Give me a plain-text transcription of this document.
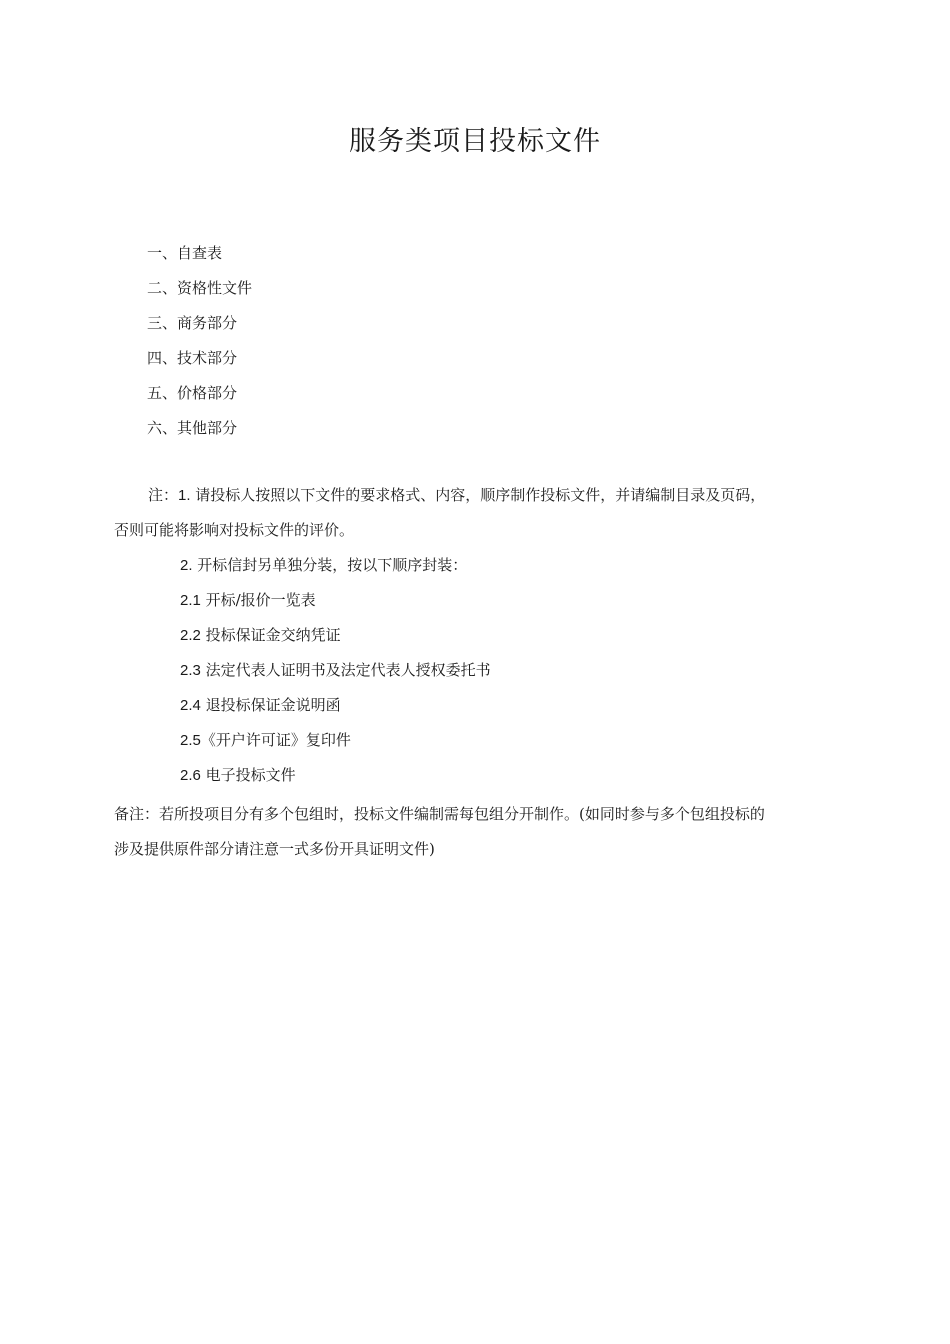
服务类项目投标文件
一、自查表
二、资格性文件
三、商务部分
四、技术部分
五、价格部分
六、其他部分
注：1. 请投标人按照以下文件的要求格式、内容，顺序制作投标文件，并请编制目录及页码，
否则可能将影响对投标文件的评价。
2. 开标信封另单独分装，按以下顺序封装：
2.1 开标/报价一览表
2.2 投标保证金交纳凭证
2.3 法定代表人证明书及法定代表人授权委托书
2.4 退投标保证金说明函
2.5《开户许可证》复印件
2.6 电子投标文件
备注：若所投项目分有多个包组时，投标文件编制需每包组分开制作。(如同时参与多个包组投标的
涉及提供原件部分请注意一式多份开具证明文件)
